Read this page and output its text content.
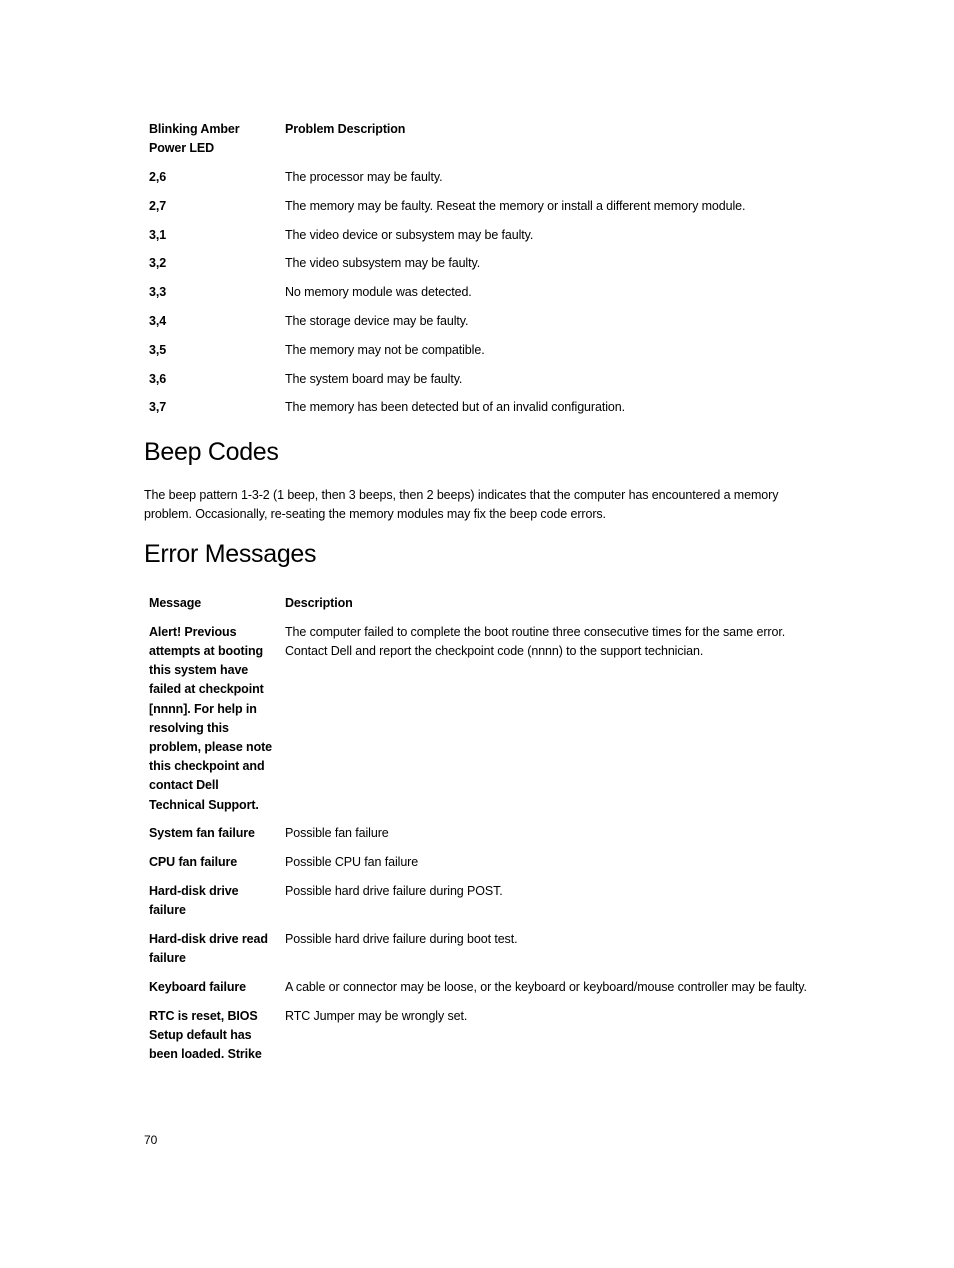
Blinking Amber Power LED	Problem Description
2,6	The processor may be faulty.
2,7	The memory may be faulty. Reseat the memory or install a different memory module.
3,1	The video device or subsystem may be faulty.
3,2	The video subsystem may be faulty.
3,3	No memory module was detected.
3,4	The storage device may be faulty.
3,5	The memory may not be compatible.
3,6	The system board may be faulty.
3,7	The memory has been detected but of an invalid configuration.
Beep Codes

The beep pattern 1-3-2 (1 beep, then 3 beeps, then 2 beeps) indicates that the computer has encountered a memory problem. Occasionally, re-seating the memory modules may fix the beep code errors.

Error Messages
Message	Description
Alert! Previous attempts at booting this system have failed at checkpoint [nnnn]. For help in resolving this problem, please note this checkpoint and contact Dell Technical Support.	The computer failed to complete the boot routine three consecutive times for the same error. Contact Dell and report the checkpoint code (nnnn) to the support technician.
System fan failure	Possible fan failure
CPU fan failure	Possible CPU fan failure
Hard-disk drive failure	Possible hard drive failure during POST.
Hard-disk drive read failure	Possible hard drive failure during boot test.
Keyboard failure	A cable or connector may be loose, or the keyboard or keyboard/mouse controller may be faulty.
RTC is reset, BIOS Setup default has been loaded. Strike	RTC Jumper may be wrongly set.
70
